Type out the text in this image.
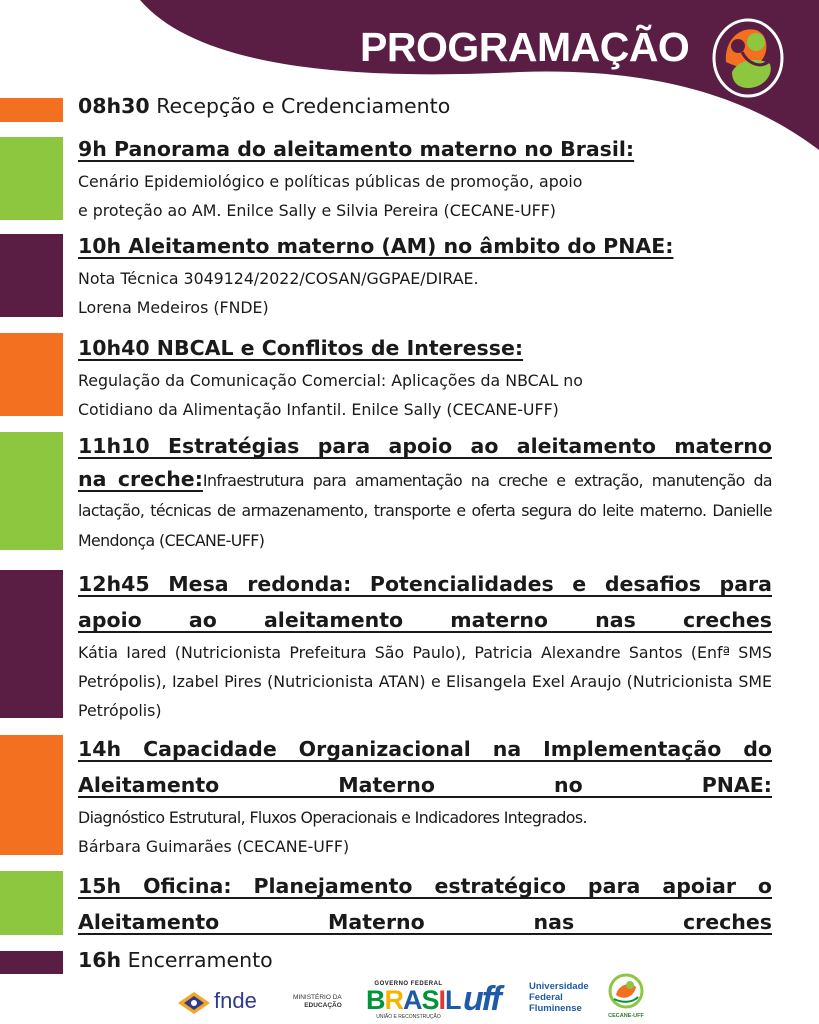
PROGRAMAÇÃO
08h30 Recepção e Credenciamento
9h Panorama do aleitamento materno no Brasil:
Cenário Epidemiológico e políticas públicas de promoção, apoio
e proteção ao AM. Enilce Sally e Silvia Pereira (CECANE-UFF)
10h Aleitamento materno (AM) no âmbito do PNAE:
Nota Técnica 3049124/2022/COSAN/GGPAE/DIRAE.
Lorena Medeiros (FNDE)
10h40 NBCAL e Conflitos de Interesse:
Regulação da Comunicação Comercial: Aplicações da NBCAL no
Cotidiano da Alimentação Infantil. Enilce Sally (CECANE-UFF)
11h10 Estratégias para apoio ao aleitamento materno
na creche:Infraestrutura para amamentação na creche e extração, manutenção da lactação, técnicas de armazenamento, transporte e oferta segura do leite materno. Danielle Mendonça (CECANE-UFF)
12h45 Mesa redonda: Potencialidades e desafios para apoio ao aleitamento materno nas creches
Kátia Iared (Nutricionista Prefeitura São Paulo), Patricia Alexandre Santos (Enfª SMS Petrópolis), Izabel Pires (Nutricionista ATAN) e Elisangela Exel Araujo (Nutricionista SME Petrópolis)
14h Capacidade Organizacional na Implementação do Aleitamento Materno no PNAE:
Diagnóstico Estrutural, Fluxos Operacionais e Indicadores Integrados.
Bárbara Guimarães (CECANE-UFF)
15h Oficina: Planejamento estratégico para apoiar o Aleitamento Materno nas creches
16h Encerramento
fnde	MINISTÉRIO DA
EDUCAÇÃO
GOVERNO FEDERAL
BRASIL
UNIÃO E RECONSTRUÇÃO uff	Universidade
Federal
Fluminense
CECANE-UFF
